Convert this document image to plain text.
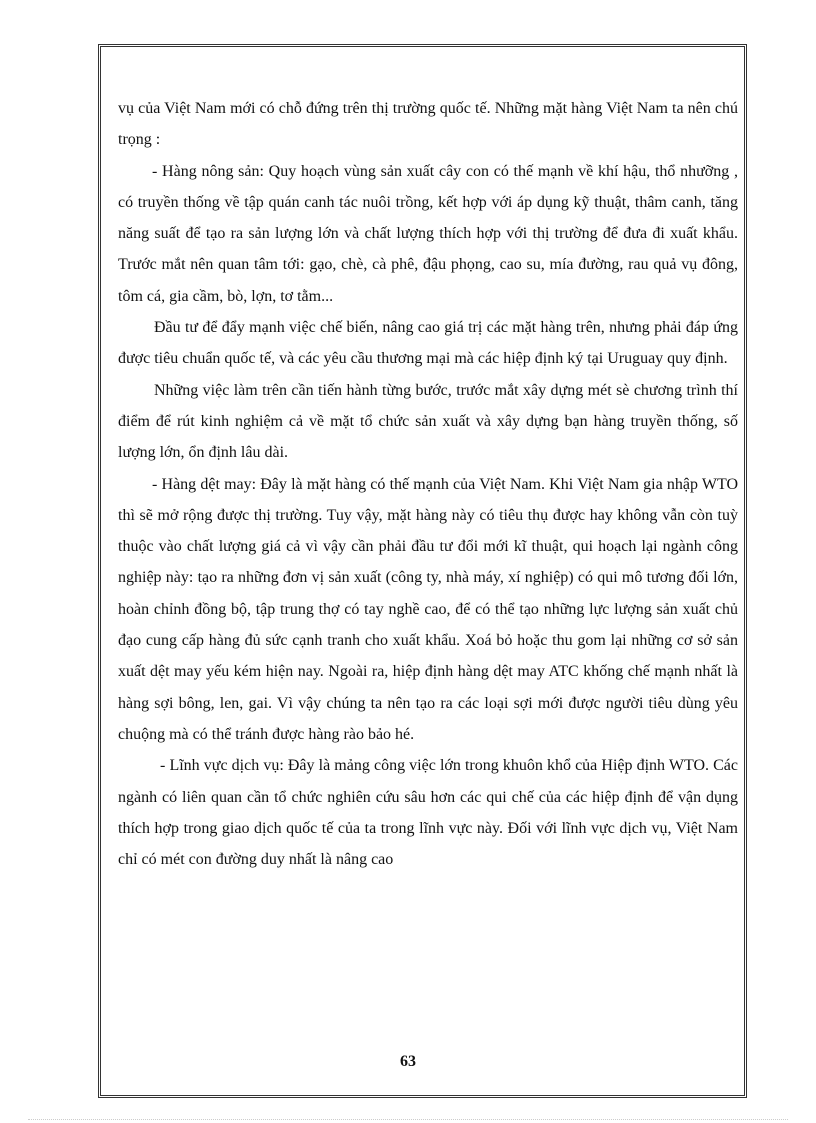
vụ của Việt Nam mới có chỗ đứng trên thị trường quốc tế. Những mặt hàng Việt Nam ta nên chú trọng :

- Hàng nông sản: Quy hoạch vùng sản xuất cây con có thế mạnh về khí hậu, thổ nhưỡng , có truyền thống về tập quán canh tác nuôi trồng, kết hợp với áp dụng kỹ thuật, thâm canh, tăng năng suất để tạo ra sản lượng lớn và chất lượng thích hợp với thị trường để đưa đi xuất khẩu. Trước mắt nên quan tâm tới: gạo, chè, cà phê, đậu phọng, cao su, mía đường, rau quả vụ đông, tôm cá, gia cầm, bò, lợn, tơ tằm...

Đầu tư để đẩy mạnh việc chế biến, nâng cao giá trị các mặt hàng trên, nhưng phải đáp ứng được tiêu chuẩn quốc tế, và các yêu cầu thương mại mà các hiệp định ký tại Uruguay quy định.

Những việc làm trên cần tiến hành từng bước, trước mắt xây dựng mét sè chương trình thí điểm để rút kinh nghiệm cả về mặt tổ chức sản xuất và xây dựng bạn hàng truyền thống, số lượng lớn, ổn định lâu dài.

- Hàng dệt may: Đây là mặt hàng có thế mạnh của Việt Nam. Khi Việt Nam gia nhập WTO thì sẽ mở rộng được thị trường. Tuy vậy, mặt hàng này có tiêu thụ được hay không vẫn còn tuỳ thuộc vào chất lượng giá cả vì vậy cần phải đầu tư đổi mới kĩ thuật, qui hoạch lại ngành công nghiệp này: tạo ra những đơn vị sản xuất (công ty, nhà máy, xí nghiệp) có qui mô tương đối lớn, hoàn chỉnh đồng bộ, tập trung thợ có tay nghề cao, để có thể tạo những lực lượng sản xuất chủ đạo cung cấp hàng đủ sức cạnh tranh cho xuất khẩu. Xoá bỏ hoặc thu gom lại những cơ sở sản xuất dệt may yếu kém hiện nay. Ngoài ra, hiệp định hàng dệt may ATC khống chế mạnh nhất là hàng sợi bông, len, gai. Vì vậy chúng ta nên tạo ra các loại sợi mới được người tiêu dùng yêu chuộng mà có thể tránh được hàng rào bảo hé.

- Lĩnh vực dịch vụ: Đây là mảng công việc lớn trong khuôn khổ của Hiệp định WTO. Các ngành có liên quan cần tổ chức nghiên cứu sâu hơn các qui chế của các hiệp định để vận dụng thích hợp trong giao dịch quốc tế của ta trong lĩnh vực này. Đối với lĩnh vực dịch vụ, Việt Nam chỉ có mét con đường duy nhất là nâng cao

63
